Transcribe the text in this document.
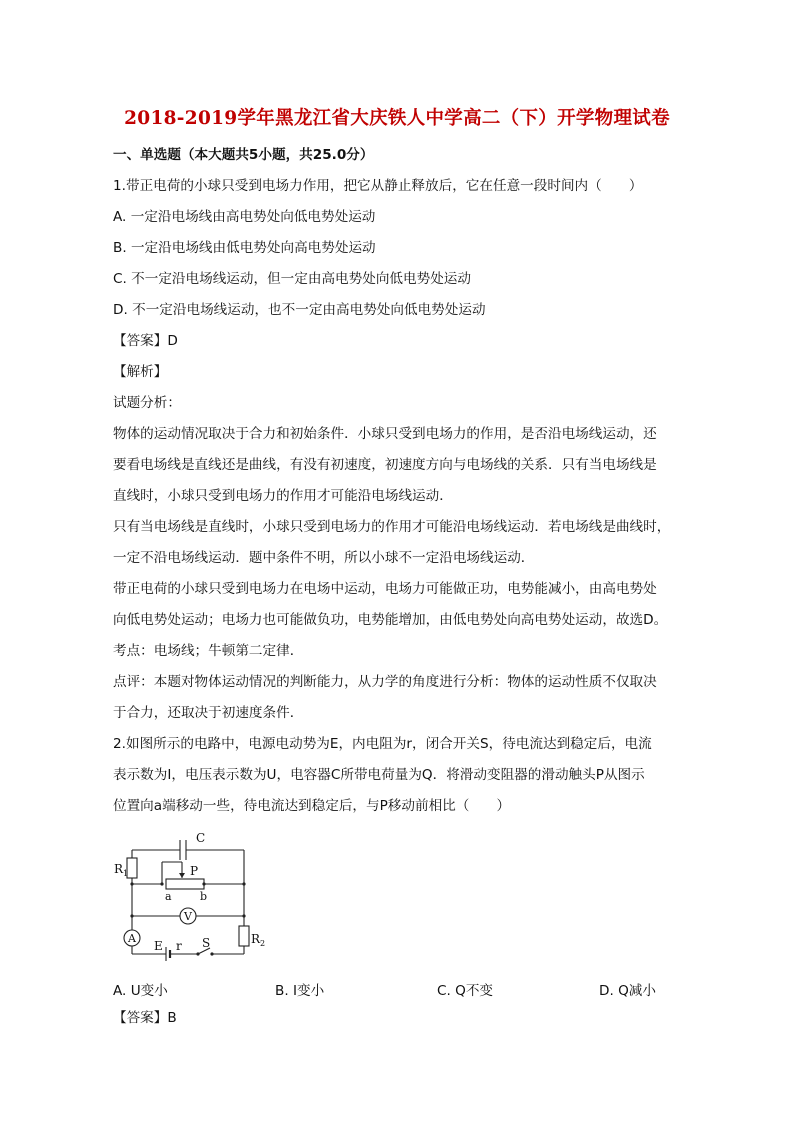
2018-2019学年黑龙江省大庆铁人中学高二（下）开学物理试卷
一、单选题（本大题共5小题，共25.0分）
1.带正电荷的小球只受到电场力作用，把它从静止释放后，它在任意一段时间内（　　）
A. 一定沿电场线由高电势处向低电势处运动
B. 一定沿电场线由低电势处向高电势处运动
C. 不一定沿电场线运动，但一定由高电势处向低电势处运动
D. 不一定沿电场线运动，也不一定由高电势处向低电势处运动
【答案】D
【解析】
试题分析：
物体的运动情况取决于合力和初始条件．小球只受到电场力的作用，是否沿电场线运动，还
要看电场线是直线还是曲线，有没有初速度，初速度方向与电场线的关系．只有当电场线是
直线时，小球只受到电场力的作用才可能沿电场线运动．
只有当电场线是直线时，小球只受到电场力的作用才可能沿电场线运动．若电场线是曲线时，
一定不沿电场线运动．题中条件不明，所以小球不一定沿电场线运动．
带正电荷的小球只受到电场力在电场中运动，电场力可能做正功，电势能减小，由高电势处
向低电势处运动；电场力也可能做负功，电势能增加，由低电势处向高电势处运动，故选D。
考点：电场线；牛顿第二定律．
点评：本题对物体运动情况的判断能力，从力学的角度进行分析：物体的运动性质不仅取决
于合力，还取决于初速度条件．
2.如图所示的电路中，电源电动势为E，内电阻为r，闭合开关S，待电流达到稳定后，电流
表示数为I，电压表示数为U，电容器C所带电荷量为Q．将滑动变阻器的滑动触头P从图示
位置向a端移动一些，待电流达到稳定后，与P移动前相比（　　）
C
R 1	P
a	b
V
A
E r S	R 2
A. U变小	B. I变小	C. Q不变	D. Q减小
【答案】B
